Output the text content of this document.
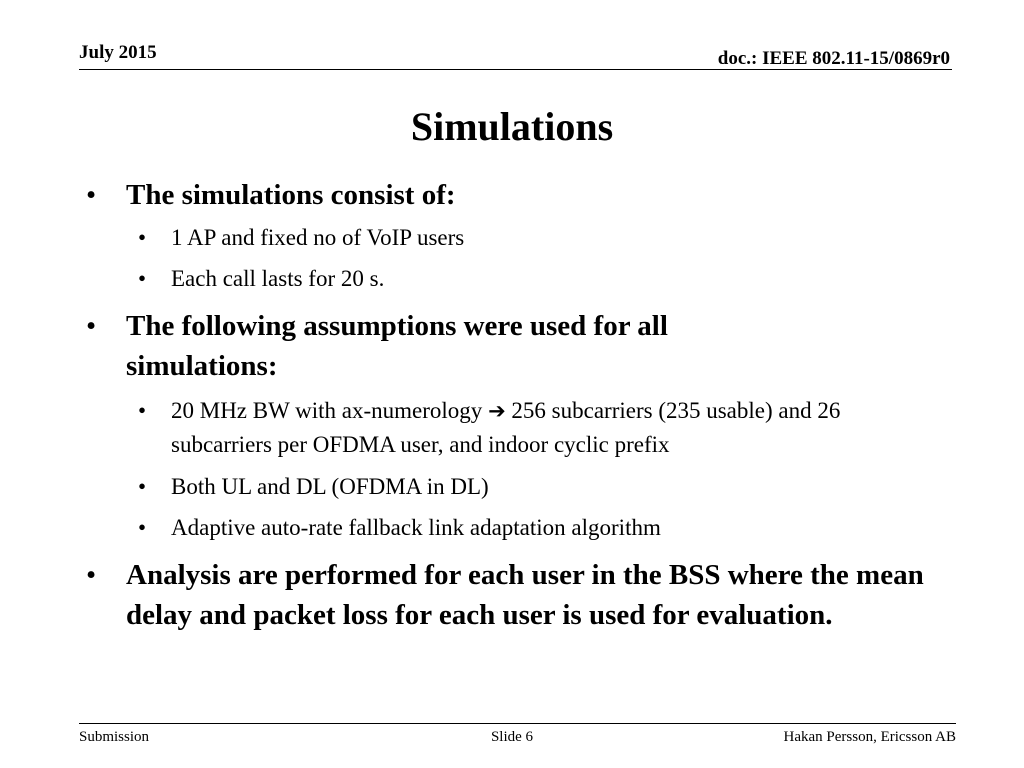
July 2015	doc.: IEEE 802.11-15/0869r0
Simulations
•	The simulations consist of:
•	1 AP and fixed no of VoIP users
•	Each call lasts for 20 s.
•	The following assumptions were used for all simulations:
•	20 MHz BW with ax-numerology ➔ 256 subcarriers (235 usable) and 26 subcarriers per OFDMA user, and indoor cyclic prefix
•	Both UL and DL (OFDMA in DL)
•	Adaptive auto-rate fallback link adaptation algorithm
•	Analysis are performed for each user in the BSS where the mean delay and packet loss for each user is used for evaluation.
Submission	Slide 6	Hakan Persson, Ericsson AB
